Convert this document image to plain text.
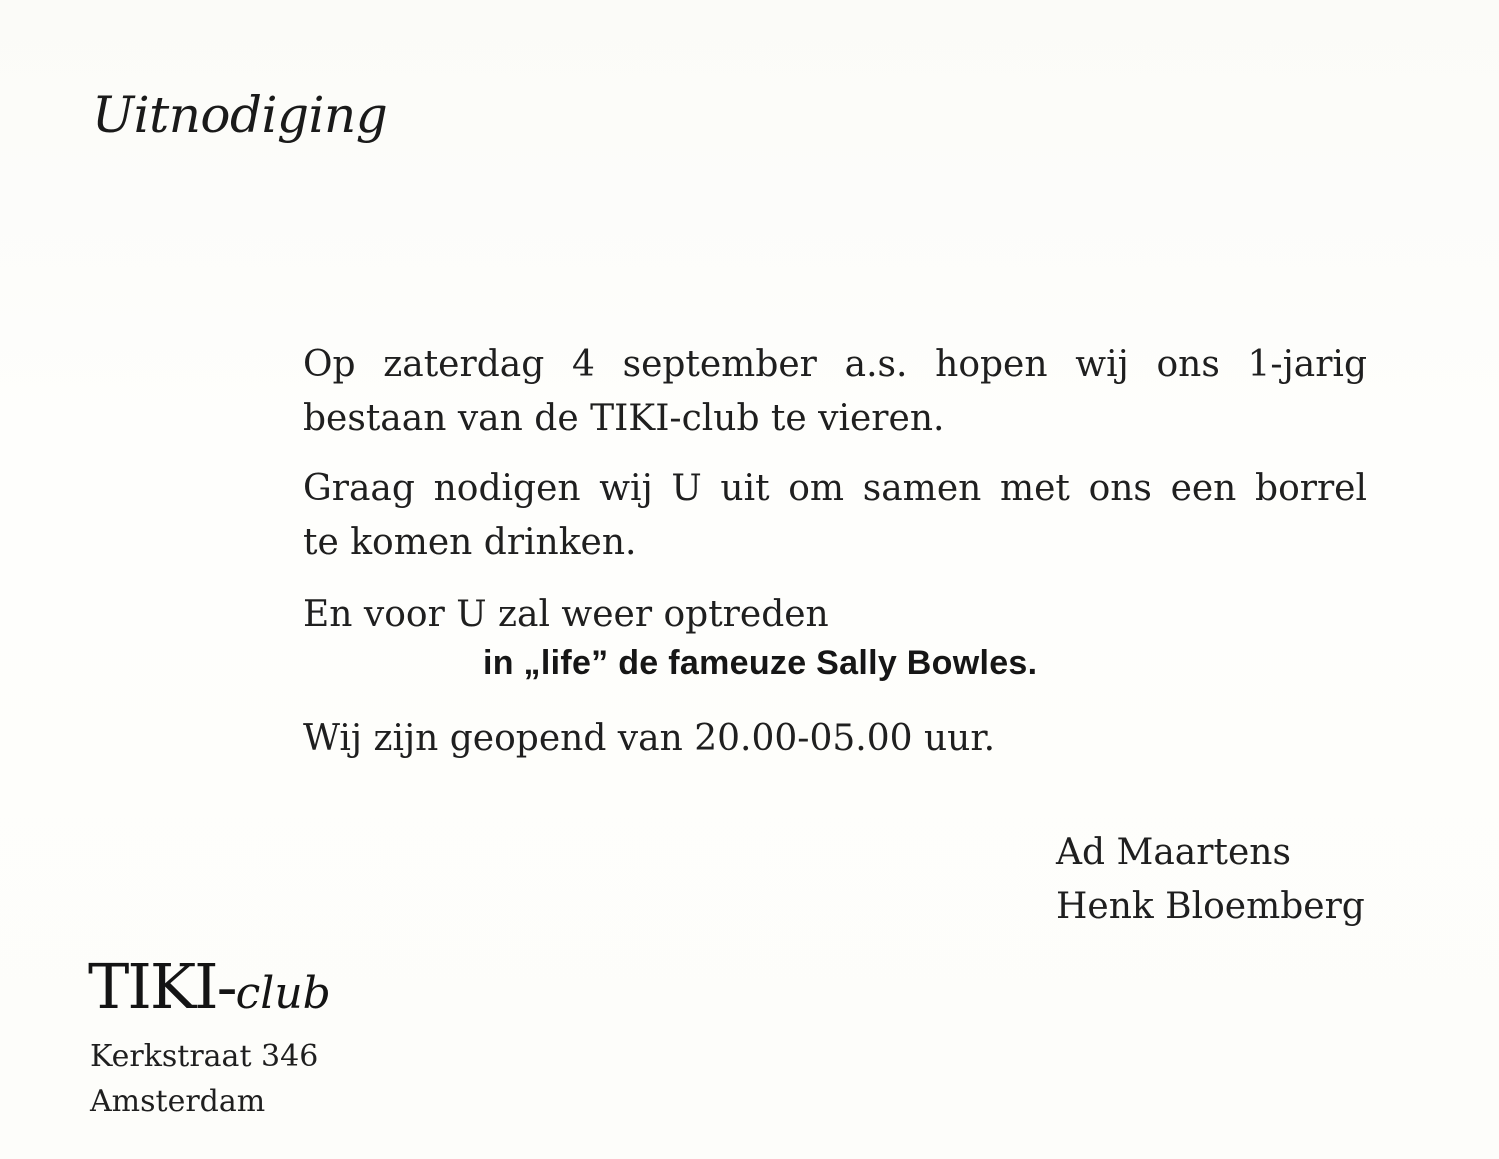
Uitnodiging
Op zaterdag 4 september a.s. hopen wij ons 1-jarig
bestaan van de TIKI-club te vieren.
Graag nodigen wij U uit om samen met ons een borrel
te komen drinken.
En voor U zal weer optreden
in „life” de fameuze Sally Bowles.
Wij zijn geopend van 20.00-05.00 uur.
Ad Maartens
Henk Bloemberg
TIKI-club
Kerkstraat 346
Amsterdam
